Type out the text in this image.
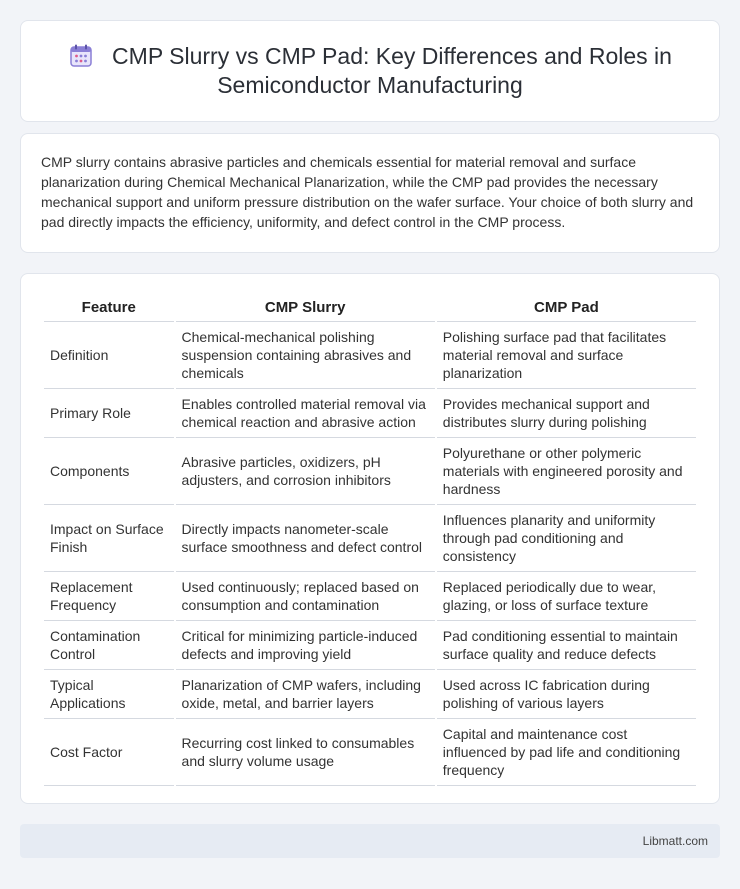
CMP Slurry vs CMP Pad: Key Differences and Roles in Semiconductor Manufacturing

CMP slurry contains abrasive particles and chemicals essential for material removal and surface planarization during Chemical Mechanical Planarization, while the CMP pad provides the necessary mechanical support and uniform pressure distribution on the wafer surface. Your choice of both slurry and pad directly impacts the efficiency, uniformity, and defect control in the CMP process.

Feature	CMP Slurry	CMP Pad
Definition	Chemical-mechanical polishing suspension containing abrasives and chemicals	Polishing surface pad that facilitates material removal and surface planarization
Primary Role	Enables controlled material removal via chemical reaction and abrasive action	Provides mechanical support and distributes slurry during polishing
Components	Abrasive particles, oxidizers, pH adjusters, and corrosion inhibitors	Polyurethane or other polymeric materials with engineered porosity and hardness
Impact on Surface Finish	Directly impacts nanometer-scale surface smoothness and defect control	Influences planarity and uniformity through pad conditioning and consistency
Replacement Frequency	Used continuously; replaced based on consumption and contamination	Replaced periodically due to wear, glazing, or loss of surface texture
Contamination Control	Critical for minimizing particle-induced defects and improving yield	Pad conditioning essential to maintain surface quality and reduce defects
Typical Applications	Planarization of CMP wafers, including oxide, metal, and barrier layers	Used across IC fabrication during polishing of various layers
Cost Factor	Recurring cost linked to consumables and slurry volume usage	Capital and maintenance cost influenced by pad life and conditioning frequency
Libmatt.com
